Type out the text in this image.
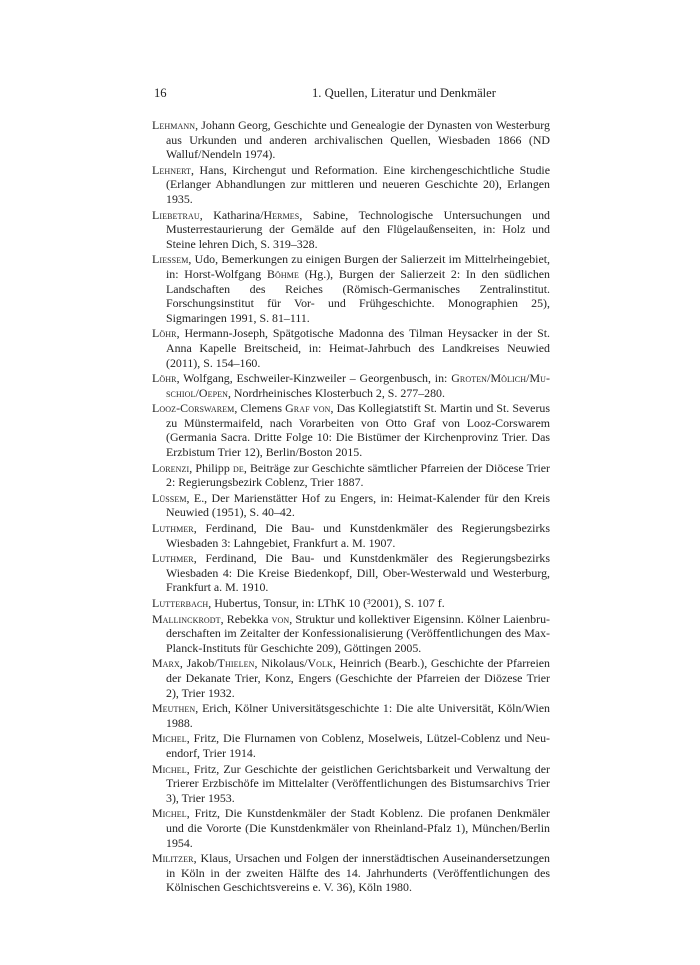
16	1. Quellen, Literatur und Denkmäler

Lehmann, Johann Georg, Geschichte und Genealogie der Dynasten von Westerburg aus Urkunden und anderen archivalischen Quellen, Wiesbaden 1866 (ND Walluf/Nendeln 1974).

Lehnert, Hans, Kirchengut und Reformation. Eine kirchengeschichtliche Studie (Erlanger Abhandlungen zur mittleren und neueren Geschichte 20), Erlangen 1935.

Liebetrau, Katharina/Hermes, Sabine, Technologische Untersuchungen und Musterrestaurierung der Gemälde auf den Flügelaußenseiten, in: Holz und Steine lehren Dich, S. 319–328.

Liessem, Udo, Bemerkungen zu einigen Burgen der Salierzeit im Mittelrheingebiet, in: Horst-Wolfgang Böhme (Hg.), Burgen der Salierzeit 2: In den südlichen Landschaften des Reiches (Römisch-Germanisches Zentralinstitut. Forschungsinstitut für Vor- und Frühgeschichte. Monographien 25), Sigmaringen 1991, S. 81–111.

Löhr, Hermann-Joseph, Spätgotische Madonna des Tilman Heysacker in der St. Anna Kapelle Breitscheid, in: Heimat-Jahrbuch des Landkreises Neuwied (2011), S. 154–160.

Löhr, Wolfgang, Eschweiler-Kinzweiler – Georgenbusch, in: Groten/Mölich/Muschiol/Oepen, Nordrheinisches Klosterbuch 2, S. 277–280.

Looz-Corswarem, Clemens Graf von, Das Kollegiatstift St. Martin und St. Severus zu Münstermaifeld, nach Vorarbeiten von Otto Graf von Looz-Corswarem (Germania Sacra. Dritte Folge 10: Die Bistümer der Kirchenprovinz Trier. Das Erzbistum Trier 12), Berlin/Boston 2015.

Lorenzi, Philipp de, Beiträge zur Geschichte sämtlicher Pfarreien der Diöcese Trier 2: Regierungsbezirk Coblenz, Trier 1887.

Lüssem, E., Der Marienstätter Hof zu Engers, in: Heimat-Kalender für den Kreis Neuwied (1951), S. 40–42.

Luthmer, Ferdinand, Die Bau- und Kunstdenkmäler des Regierungsbezirks Wiesbaden 3: Lahngebiet, Frankfurt a. M. 1907.

Luthmer, Ferdinand, Die Bau- und Kunstdenkmäler des Regierungsbezirks Wiesbaden 4: Die Kreise Biedenkopf, Dill, Ober-Westerwald und Westerburg, Frankfurt a. M. 1910.

Lutterbach, Hubertus, Tonsur, in: LThK 10 (³2001), S. 107 f.

Mallinckrodt, Rebekka von, Struktur und kollektiver Eigensinn. Kölner Laienbruderschaften im Zeitalter der Konfessionalisierung (Veröffentlichungen des Max-Planck-Instituts für Geschichte 209), Göttingen 2005.

Marx, Jakob/Thielen, Nikolaus/Volk, Heinrich (Bearb.), Geschichte der Pfarreien der Dekanate Trier, Konz, Engers (Geschichte der Pfarreien der Diözese Trier 2), Trier 1932.

Meuthen, Erich, Kölner Universitätsgeschichte 1: Die alte Universität, Köln/Wien 1988.

Michel, Fritz, Die Flurnamen von Coblenz, Moselweis, Lützel-Coblenz und Neuendorf, Trier 1914.

Michel, Fritz, Zur Geschichte der geistlichen Gerichtsbarkeit und Verwaltung der Trierer Erzbischöfe im Mittelalter (Veröffentlichungen des Bistumsarchivs Trier 3), Trier 1953.

Michel, Fritz, Die Kunstdenkmäler der Stadt Koblenz. Die profanen Denkmäler und die Vororte (Die Kunstdenkmäler von Rheinland-Pfalz 1), München/Berlin 1954.

Militzer, Klaus, Ursachen und Folgen der innerstädtischen Auseinandersetzungen in Köln in der zweiten Hälfte des 14. Jahrhunderts (Veröffentlichungen des Kölnischen Geschichtsvereins e. V. 36), Köln 1980.
